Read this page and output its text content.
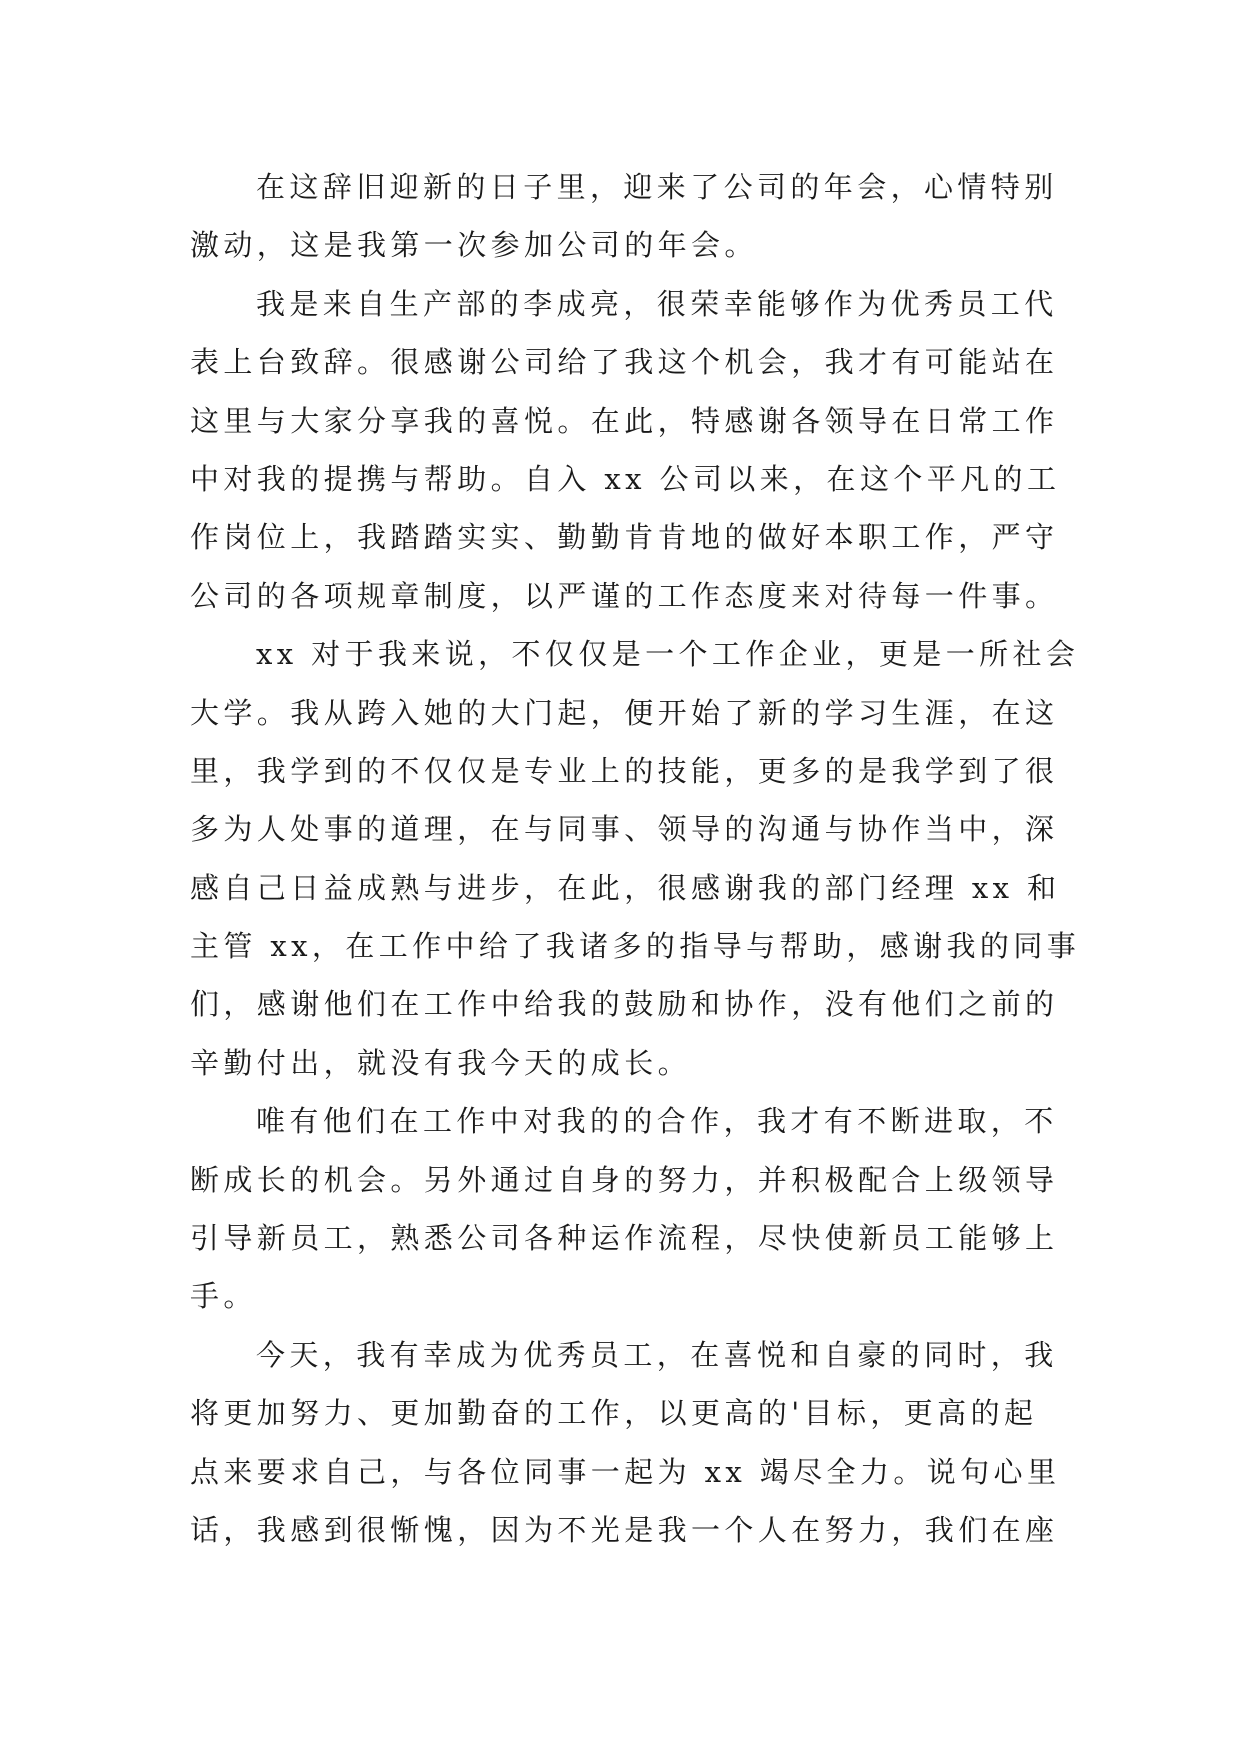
在这辞旧迎新的日子里，迎来了公司的年会，心情特别
激动，这是我第一次参加公司的年会。
我是来自生产部的李成亮，很荣幸能够作为优秀员工代
表上台致辞。很感谢公司给了我这个机会，我才有可能站在
这里与大家分享我的喜悦。在此，特感谢各领导在日常工作
中对我的提携与帮助。自入 xx 公司以来，在这个平凡的工
作岗位上，我踏踏实实、勤勤肯肯地的做好本职工作，严守
公司的各项规章制度，以严谨的工作态度来对待每一件事。
xx 对于我来说，不仅仅是一个工作企业，更是一所社会
大学。我从跨入她的大门起，便开始了新的学习生涯，在这
里，我学到的不仅仅是专业上的技能，更多的是我学到了很
多为人处事的道理，在与同事、领导的沟通与协作当中，深
感自己日益成熟与进步，在此，很感谢我的部门经理 xx 和
主管 xx，在工作中给了我诸多的指导与帮助，感谢我的同事
们，感谢他们在工作中给我的鼓励和协作，没有他们之前的
辛勤付出，就没有我今天的成长。
唯有他们在工作中对我的的合作，我才有不断进取，不
断成长的机会。另外通过自身的努力，并积极配合上级领导
引导新员工，熟悉公司各种运作流程，尽快使新员工能够上
手。
今天，我有幸成为优秀员工，在喜悦和自豪的同时，我
将更加努力、更加勤奋的工作，以更高的'目标，更高的起
点来要求自己，与各位同事一起为 xx 竭尽全力。说句心里
话，我感到很惭愧，因为不光是我一个人在努力，我们在座
